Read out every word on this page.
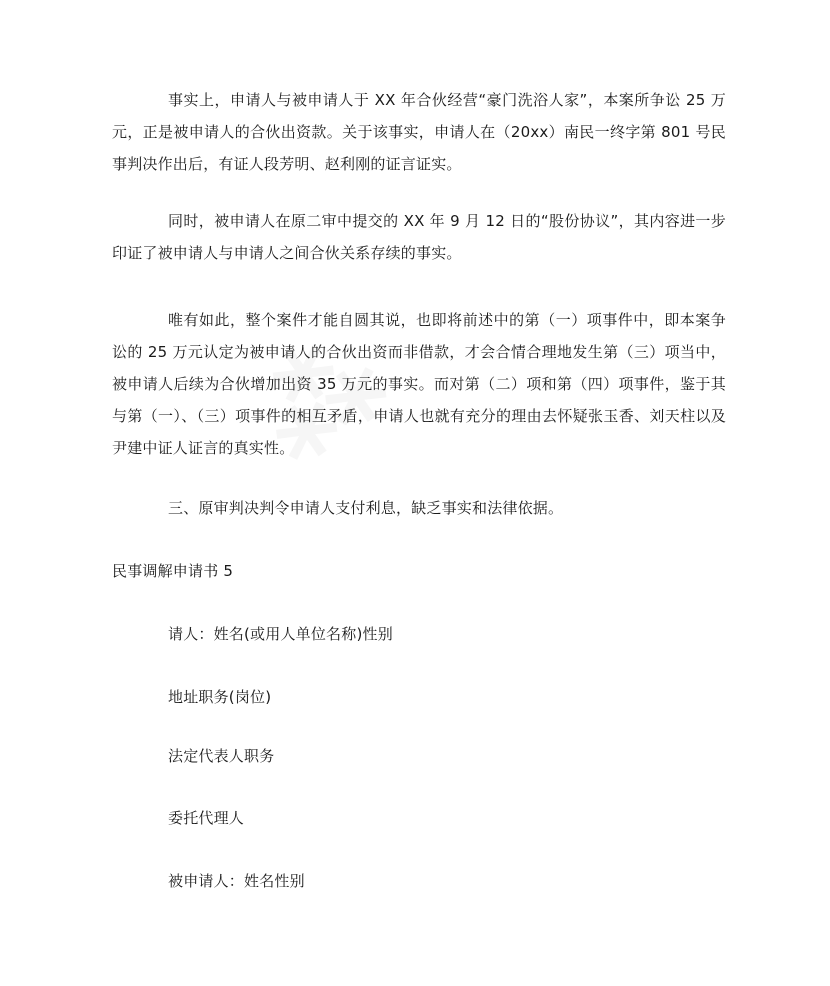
事实上，申请人与被申请人于 XX 年合伙经营“豪门洗浴人家”，本案所争讼 25 万元，正是被申请人的合伙出资款。关于该事实，申请人在（20xx）南民一终字第 801 号民事判决作出后，有证人段芳明、赵利刚的证言证实。

同时，被申请人在原二审中提交的 XX 年 9 月 12 日的“股份协议”，其内容进一步印证了被申请人与申请人之间合伙关系存续的事实。

唯有如此，整个案件才能自圆其说，也即将前述中的第（一）项事件中，即本案争讼的 25 万元认定为被申请人的合伙出资而非借款，才会合情合理地发生第（三）项当中，被申请人后续为合伙增加出资 35 万元的事实。而对第（二）项和第（四）项事件，鉴于其与第（一）、（三）项事件的相互矛盾，申请人也就有充分的理由去怀疑张玉香、刘天柱以及尹建中证人证言的真实性。

三、原审判决判令申请人支付利息，缺乏事实和法律依据。

民事调解申请书 5

请人：姓名(或用人单位名称)性别

地址职务(岗位)

法定代表人职务

委托代理人

被申请人：姓名性别
